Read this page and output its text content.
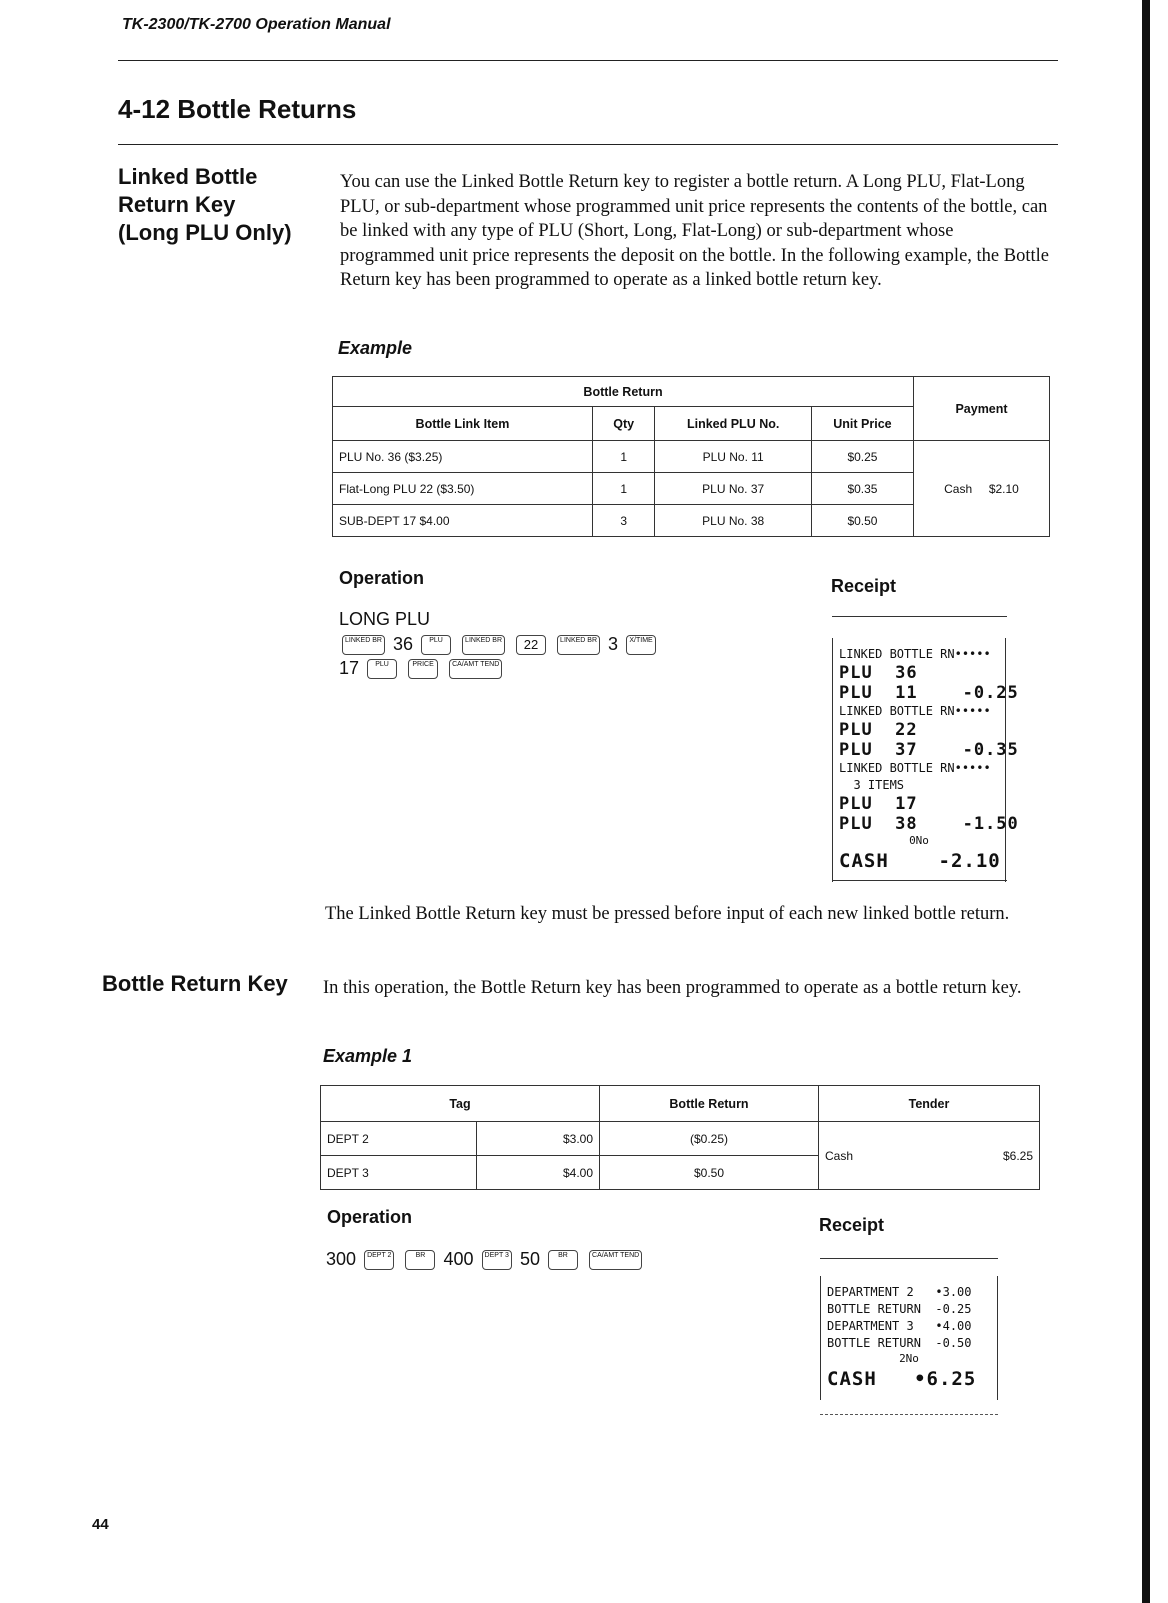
TK-2300/TK-2700 Operation Manual
4-12 Bottle Returns
Linked Bottle
Return Key
(Long PLU Only)
You can use the Linked Bottle Return key to register a bottle return. A Long PLU, Flat-Long PLU, or sub-department whose programmed unit price represents the contents of the bottle, can be linked with any type of PLU (Short, Long, Flat-Long) or sub-department whose programmed unit price represents the deposit on the bottle. In the following example, the Bottle Return key has been programmed to operate as a linked bottle return key.
Example
Bottle Return				Payment
Bottle Link Item	Qty	Linked PLU No.	Unit Price	
PLU No. 36 ($3.25)	1	PLU No. 11	$0.25	Cash $2.10
Flat-Long PLU 22 ($3.50)	1	PLU No. 37	$0.35	
SUB-DEPT 17 $4.00	3	PLU No. 38	$0.50	
Operation	Receipt
LONG PLU
LINKED BR 36 PLU	LINKED BR 22	LINKED BR 3 X/TIME
17 PLU	PRICE	CA/AMT TEND
LINKED BOTTLE RN•••••
PLU  36
PLU  11    -0.25
LINKED BOTTLE RN•••••
PLU  22
PLU  37    -0.35
LINKED BOTTLE RN•••••
3 ITEMS
PLU  17
PLU  38    -1.50
0No
CASH    -2.10
The Linked Bottle Return key must be pressed before input of each new linked bottle return.
Bottle Return Key In this operation, the Bottle Return key has been programmed to operate as a bottle return key.
Example 1
Tag		Bottle Return	Tender
DEPT 2	$3.00	($0.25)	Cash $6.25

DEPT 3	$4.00	$0.50	
Operation	Receipt
300 DEPT 2	BR 400 DEPT 3 50	BR	CA/AMT TEND
DEPARTMENT 2   •3.00
BOTTLE RETURN  -0.25
DEPARTMENT 3   •4.00
BOTTLE RETURN  -0.50
2No
CASH   •6.25
44
